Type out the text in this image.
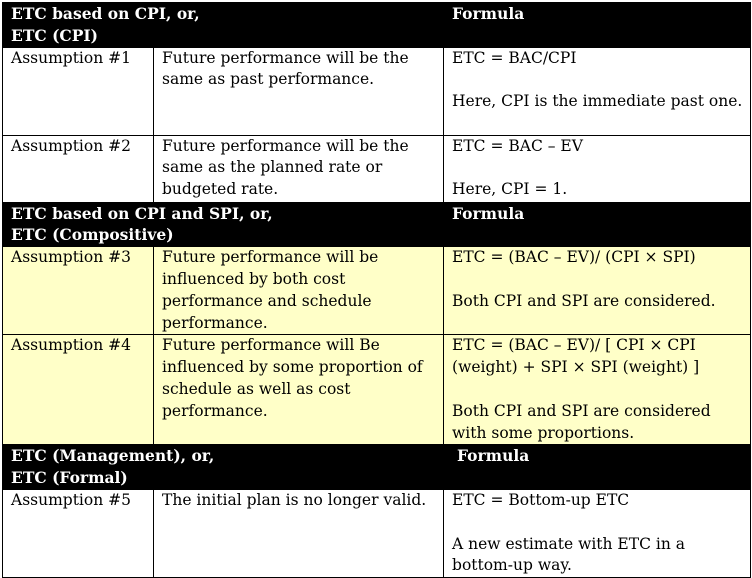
ETC based on CPI, or,
ETC (CPI)		Formula
Assumption #1	Future performance will be the same as past performance.	ETC = BAC/CPI
Here, CPI is the immediate past one.

Assumption #2	Future performance will be the same as the planned rate or budgeted rate.	ETC = BAC – EV
Here, CPI = 1.

ETC based on CPI and SPI, or,
ETC (Compositive)		Formula
Assumption #3	Future performance will be influenced by both cost performance and schedule performance.	ETC = (BAC – EV)/ (CPI × SPI)
Both CPI and SPI are considered.

Assumption #4	Future performance will Be influenced by some proportion of schedule as well as cost performance.	ETC = (BAC – EV)/ [ CPI × CPI (weight) + SPI × SPI (weight) ]
Both CPI and SPI are considered with some proportions.

ETC (Management), or,
ETC (Formal)		Formula
Assumption #5	The initial plan is no longer valid.	ETC = Bottom-up ETC
A new estimate with ETC in a bottom-up way.
